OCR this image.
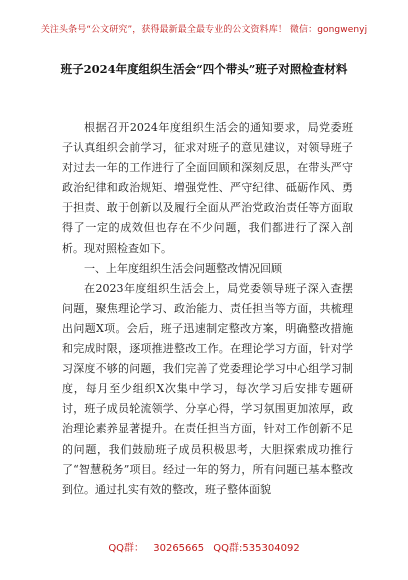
关注头条号“公文研究”，获得最新最全最专业的公文资料库！ 微信：gongwenyj
班子2024年度组织生活会“四个带头”班子对照检查材料

根据召开2024年度组织生活会的通知要求，局党委班子认真组织会前学习，征求对班子的意见建议，对领导班子对过去一年的工作进行了全面回顾和深刻反思，在带头严守政治纪律和政治规矩、增强党性、严守纪律、砥砺作风、勇于担责、敢于创新以及履行全面从严治党政治责任等方面取得了一定的成效但也存在不少问题，我们都进行了深入剖析。现对照检查如下。

一、上年度组织生活会问题整改情况回顾

在2023年度组织生活会上，局党委领导班子深入查摆问题，聚焦理论学习、政治能力、责任担当等方面，共梳理出问题X项。会后，班子迅速制定整改方案，明确整改措施和完成时限，逐项推进整改工作。在理论学习方面，针对学习深度不够的问题，我们完善了党委理论学习中心组学习制度，每月至少组织X次集中学习，每次学习后安排专题研讨，班子成员轮流领学、分享心得，学习氛围更加浓厚，政治理论素养显著提升。在责任担当方面，针对工作创新不足的问题，我们鼓励班子成员积极思考，大胆探索成功推行了“智慧税务”项目。经过一年的努力，所有问题已基本整改到位。通过扎实有效的整改，班子整体面貌

QQ群： 30265665 QQ群:535304092
